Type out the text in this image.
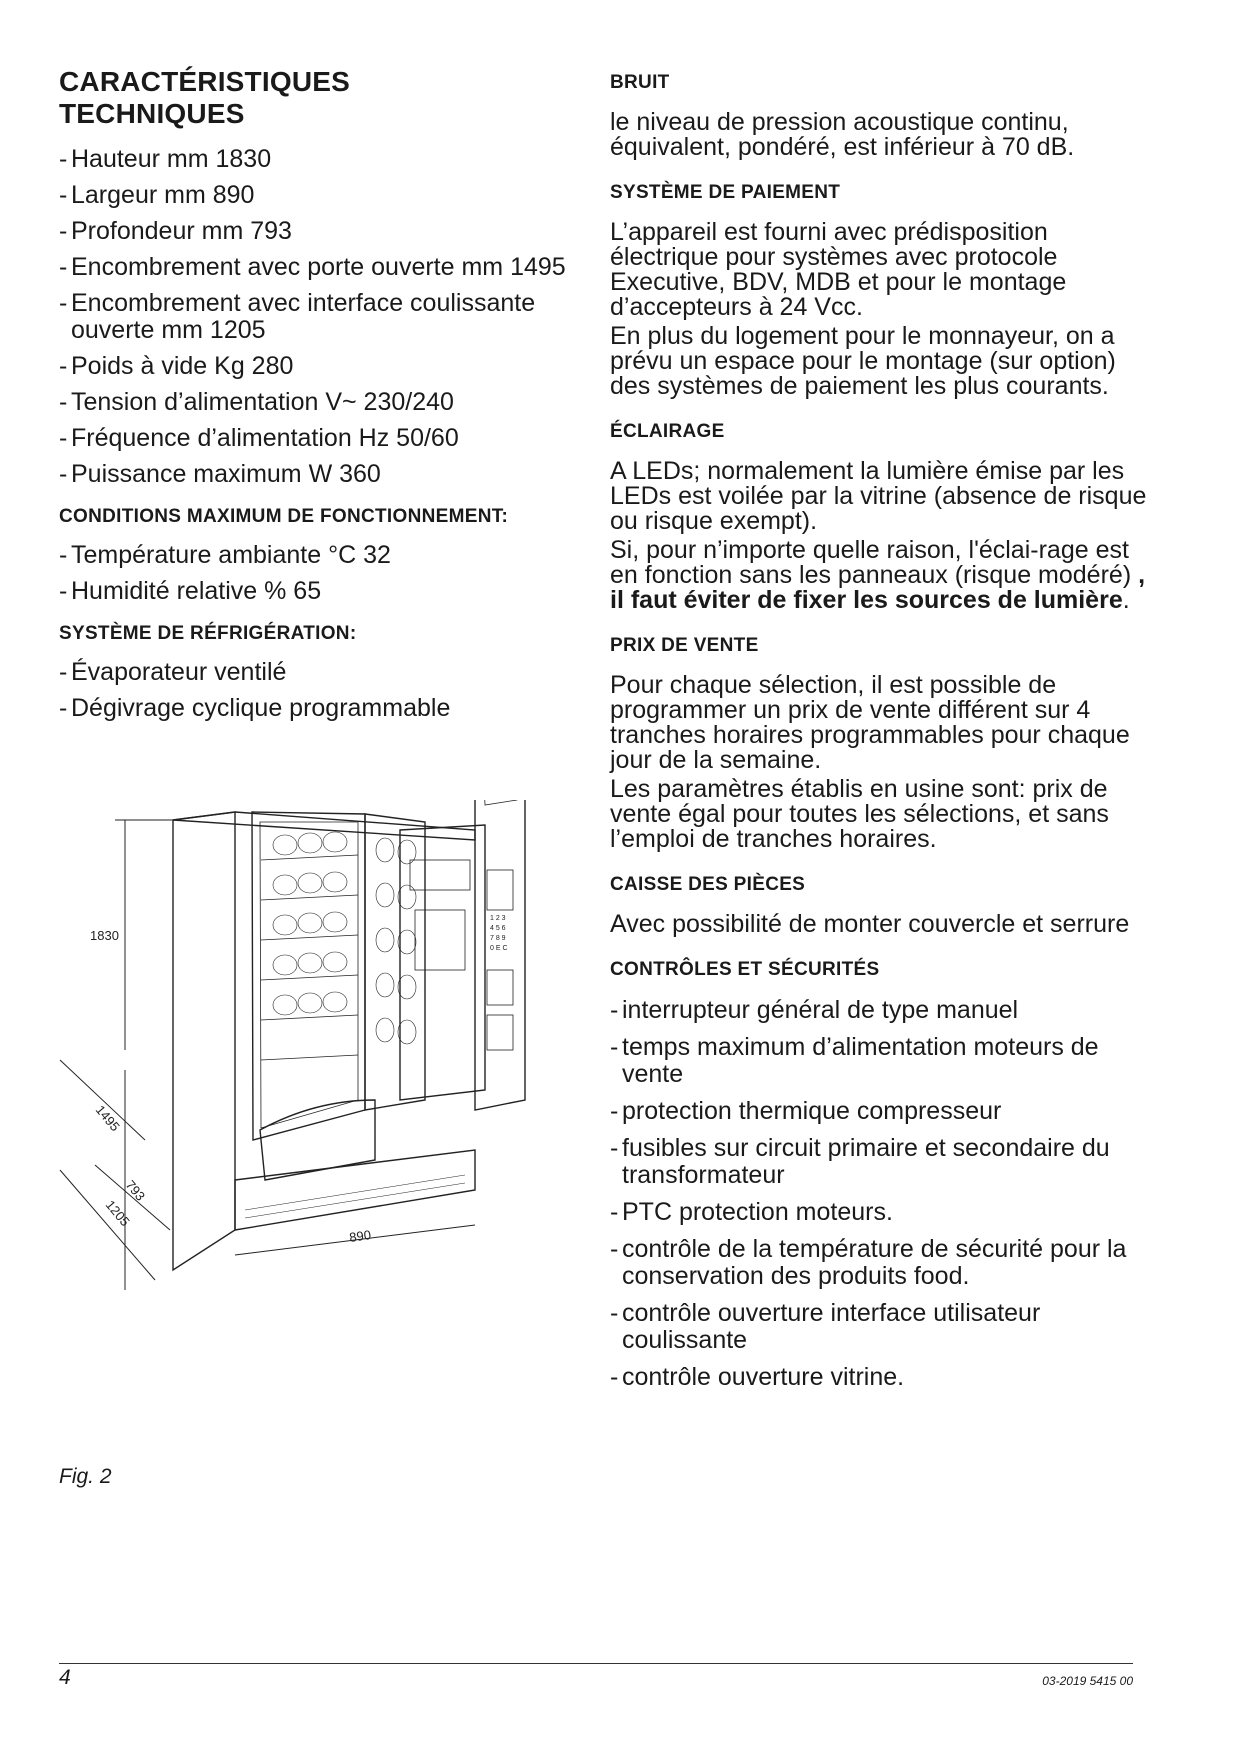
CARACTÉRISTIQUES
TECHNIQUES
- Hauteur mm 1830
- Largeur mm 890
- Profondeur mm 793
- Encombrement avec porte ouverte mm 1495
- Encombrement avec interface coulissante ouverte mm 1205
- Poids à vide Kg 280
- Tension d’alimentation V~ 230/240
- Fréquence d’alimentation Hz 50/60
- Puissance maximum W 360

CONDITIONS MAXIMUM DE FONCTIONNEMENT:

- Température ambiante °C 32
- Humidité relative % 65

SYSTÈME DE RÉFRIGÉRATION:

- Évaporateur ventilé
- Dégivrage cyclique programmable
1 2 3
4 5 6
7 8 9
0 E C
1830
1495
793
1205
890
Fig. 2

BRUIT

le niveau de pression acoustique continu, équivalent, pondéré, est inférieur à 70 dB.

SYSTÈME DE PAIEMENT

L’appareil est fourni avec prédisposition électrique pour systèmes avec protocole Executive, BDV, MDB et pour le montage d’accepteurs à 24 Vcc.

En plus du logement pour le monnayeur, on a prévu un espace pour le montage (sur option) des systèmes de paiement les plus courants.

ÉCLAIRAGE

A LEDs; normalement la lumière émise par les LEDs est voilée par la vitrine (absence de risque ou risque exempt).

Si, pour n’importe quelle raison, l'éclai-rage est en fonction sans les panneaux (risque modéré) , il faut éviter de fixer les sources de lumière.

PRIX DE VENTE

Pour chaque sélection, il est possible de programmer un prix de vente différent sur 4 tranches horaires programmables pour chaque jour de la semaine.

Les paramètres établis en usine sont: prix de vente égal pour toutes les sélections, et sans l’emploi de tranches horaires.

CAISSE DES PIÈCES

Avec possibilité de monter couvercle et serrure

CONTRÔLES ET SÉCURITÉS

- interrupteur général de type manuel
- temps maximum d’alimentation moteurs de vente
- protection thermique compresseur
- fusibles sur circuit primaire et secondaire du transformateur
- PTC protection moteurs.
- contrôle de la température de sécurité pour la conservation des produits food.
- contrôle ouverture interface utilisateur coulissante
- contrôle ouverture vitrine.
4	03-2019 5415 00
